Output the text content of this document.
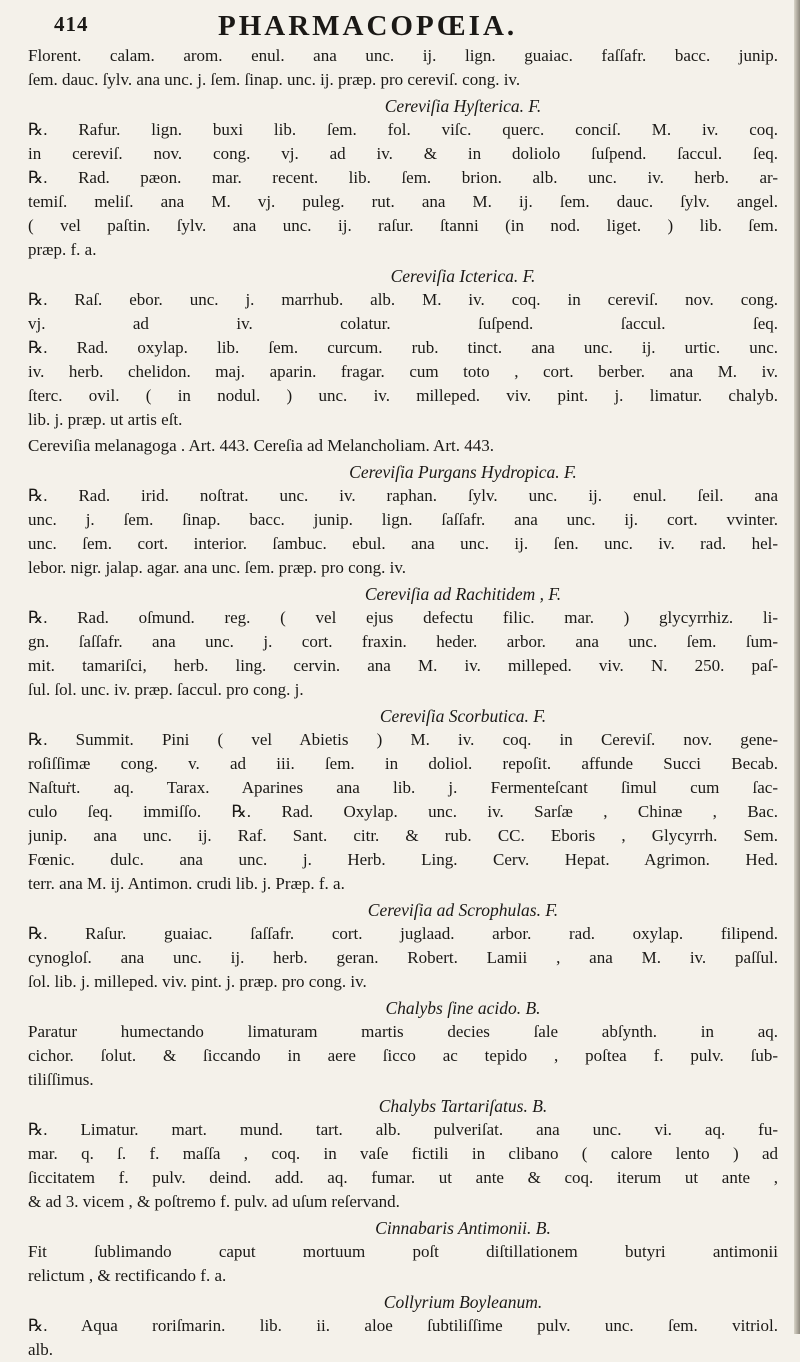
414	PHARMACOPŒIA.
Florent. calam. arom. enul. ana unc. ij. lign. guaiac. faſſafr. bacc. junip.
ſem. dauc. ſylv. ana unc. j. ſem. ſinap. unc. ij. præp. pro cereviſ. cong. iv.
Cereviſia Hyſterica. F.
℞. Rafur. lign. buxi lib. ſem. fol. viſc. querc. conciſ. M. iv. coq.
in cereviſ. nov. cong. vj. ad iv. & in doliolo ſuſpend. ſaccul. ſeq.
℞. Rad. pæon. mar. recent. lib. ſem. brion. alb. unc. iv. herb. ar-
temiſ. meliſ. ana M. vj. puleg. rut. ana M. ij. ſem. dauc. ſylv. angel.
( vel paſtin. ſylv. ana unc. ij. raſur. ſtanni (in nod. liget. ) lib. ſem.
præp. f. a.
Cereviſia Icterica. F.
℞. Raſ. ebor. unc. j. marrhub. alb. M. iv. coq. in cereviſ. nov. cong.
vj. ad iv. colatur. ſuſpend. ſaccul. ſeq.
℞. Rad. oxylap. lib. ſem. curcum. rub. tinct. ana unc. ij. urtic. unc.
iv. herb. chelidon. maj. aparin. fragar. cum toto , cort. berber. ana M. iv.
ſterc. ovil. ( in nodul. ) unc. iv. milleped. viv. pint. j. limatur. chalyb.
lib. j. præp. ut artis eſt.
Cereviſia melanagoga . Art. 443. Cereſia ad Melancholiam. Art. 443.
Cereviſia Purgans Hydropica. F.
℞. Rad. irid. noſtrat. unc. iv. raphan. ſylv. unc. ij. enul. ſeil. ana
unc. j. ſem. ſinap. bacc. junip. lign. ſaſſafr. ana unc. ij. cort. vvinter.
unc. ſem. cort. interior. ſambuc. ebul. ana unc. ij. ſen. unc. iv. rad. hel-
lebor. nigr. jalap. agar. ana unc. ſem. præp. pro cong. iv.
Cereviſia ad Rachitidem , F.
℞. Rad. oſmund. reg. ( vel ejus defectu filic. mar. ) glycyrrhiz. li-
gn. ſaſſafr. ana unc. j. cort. fraxin. heder. arbor. ana unc. ſem. ſum-
mit. tamariſci, herb. ling. cervin. ana M. iv. milleped. viv. N. 250. paſ-
ſul. ſol. unc. iv. præp. ſaccul. pro cong. j.
Cereviſia Scorbutica. F.
℞. Summit. Pini ( vel Abietis ) M. iv. coq. in Cereviſ. nov. gene-
roſiſſimæ cong. v. ad iii. ſem. in doliol. repoſit. affunde Succi Becab.
Naſtuṙt. aq. Tarax. Aparines ana lib. j. Fermenteſcant ſimul cum ſac-
culo ſeq. immiſſo. ℞. Rad. Oxylap. unc. iv. Sarſæ , Chinæ , Bac.
junip. ana unc. ij. Raf. Sant. citr. & rub. CC. Eboris , Glycyrrh. Sem.
Fœnic. dulc. ana unc. j. Herb. Ling. Cerv. Hepat. Agrimon. Hed.
terr. ana M. ij. Antimon. crudi lib. j. Præp. f. a.
Cereviſia ad Scrophulas. F.
℞. Raſur. guaiac. ſaſſafr. cort. juglaad. arbor. rad. oxylap. filipend.
cynogloſ. ana unc. ij. herb. geran. Robert. Lamii , ana M. iv. paſſul.
ſol. lib. j. milleped. viv. pint. j. præp. pro cong. iv.
Chalybs ſine acido. B.
Paratur humectando limaturam martis decies ſale abſynth. in aq.
cichor. ſolut. & ſiccando in aere ſicco ac tepido , poſtea f. pulv. ſub-
tiliſſimus.
Chalybs Tartariſatus. B.
℞. Limatur. mart. mund. tart. alb. pulveriſat. ana unc. vi. aq. fu-
mar. q. ſ. f. maſſa , coq. in vaſe fictili in clibano ( calore lento ) ad
ſiccitatem f. pulv. deind. add. aq. fumar. ut ante & coq. iterum ut ante ,
& ad 3. vicem , & poſtremo f. pulv. ad uſum reſervand.
Cinnabaris Antimonii. B.
Fit ſublimando caput mortuum poſt diſtillationem butyri antimonii
relictum , & rectificando f. a.
Collyrium Boyleanum.
℞. Aqua roriſmarin. lib. ii. aloe ſubtiliſſime pulv. unc. ſem. vitriol.
alb.
